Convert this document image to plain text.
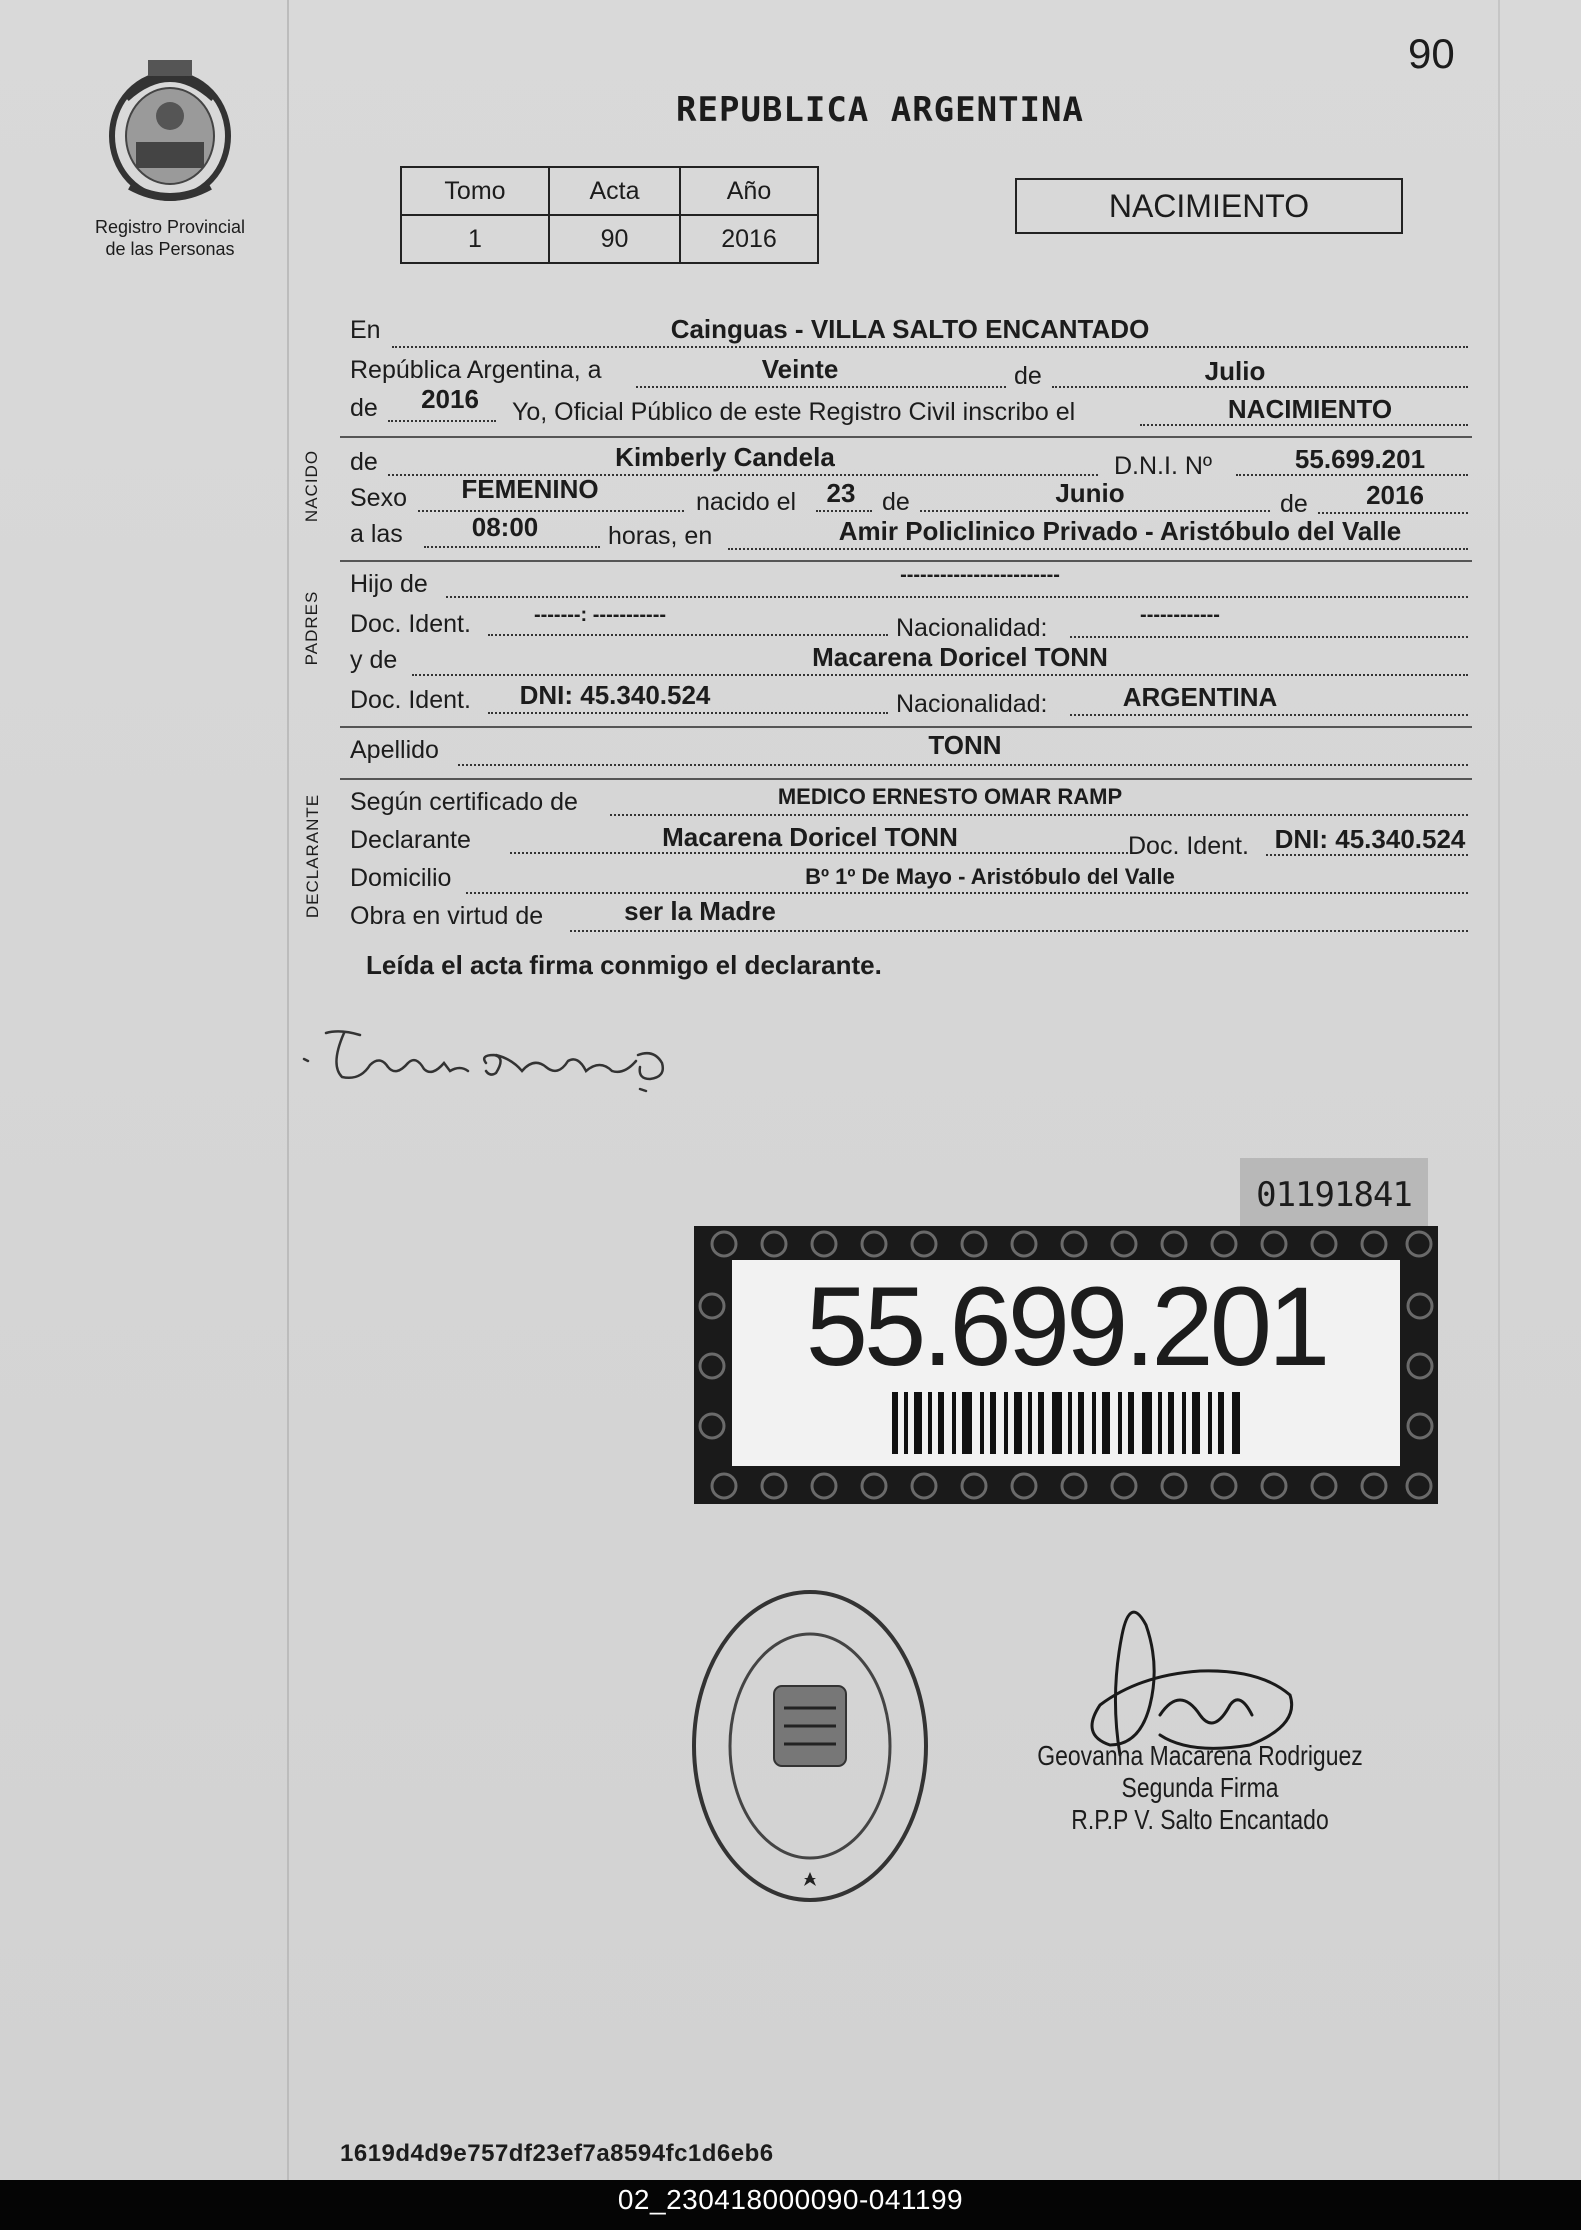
90
Registro Provincial
de las Personas
REPUBLICA ARGENTINA
Tomo	Acta	Año
1	90	2016
NACIMIENTO
En	Cainguas - VILLA SALTO ENCANTADO
República Argentina, a	Veinte	de	Julio
de	2016	Yo, Oficial Público de este Registro Civil inscribo el	NACIMIENTO
NACIDO de	Kimberly Candela	D.N.I. Nº	55.699.201
Sexo	FEMENINO	nacido el	23	de	Junio	de	2016
a las	08:00	horas, en	Amir Policlinico Privado - Aristóbulo del Valle
PADRES
Hijo de	------------------------
Doc. Ident.	-------: -----------	Nacionalidad:	------------
y de	Macarena Doricel TONN
Doc. Ident.	DNI: 45.340.524	Nacionalidad:	ARGENTINA
Apellido	TONN
DECLARANTE Según certificado de	MEDICO ERNESTO OMAR RAMP
Declarante	Macarena Doricel TONN	Doc. Ident. DNI: 45.340.524
Domicilio	Bº 1º De Mayo - Aristóbulo del Valle
Obra en virtud de	ser la Madre
Leída el acta firma conmigo el declarante.
01191841
55.699.201
Geovanna Macarena Rodriguez
Segunda Firma
R.P.P V. Salto Encantado
1619d4d9e757df23ef7a8594fc1d6eb6
02_230418000090-041199
